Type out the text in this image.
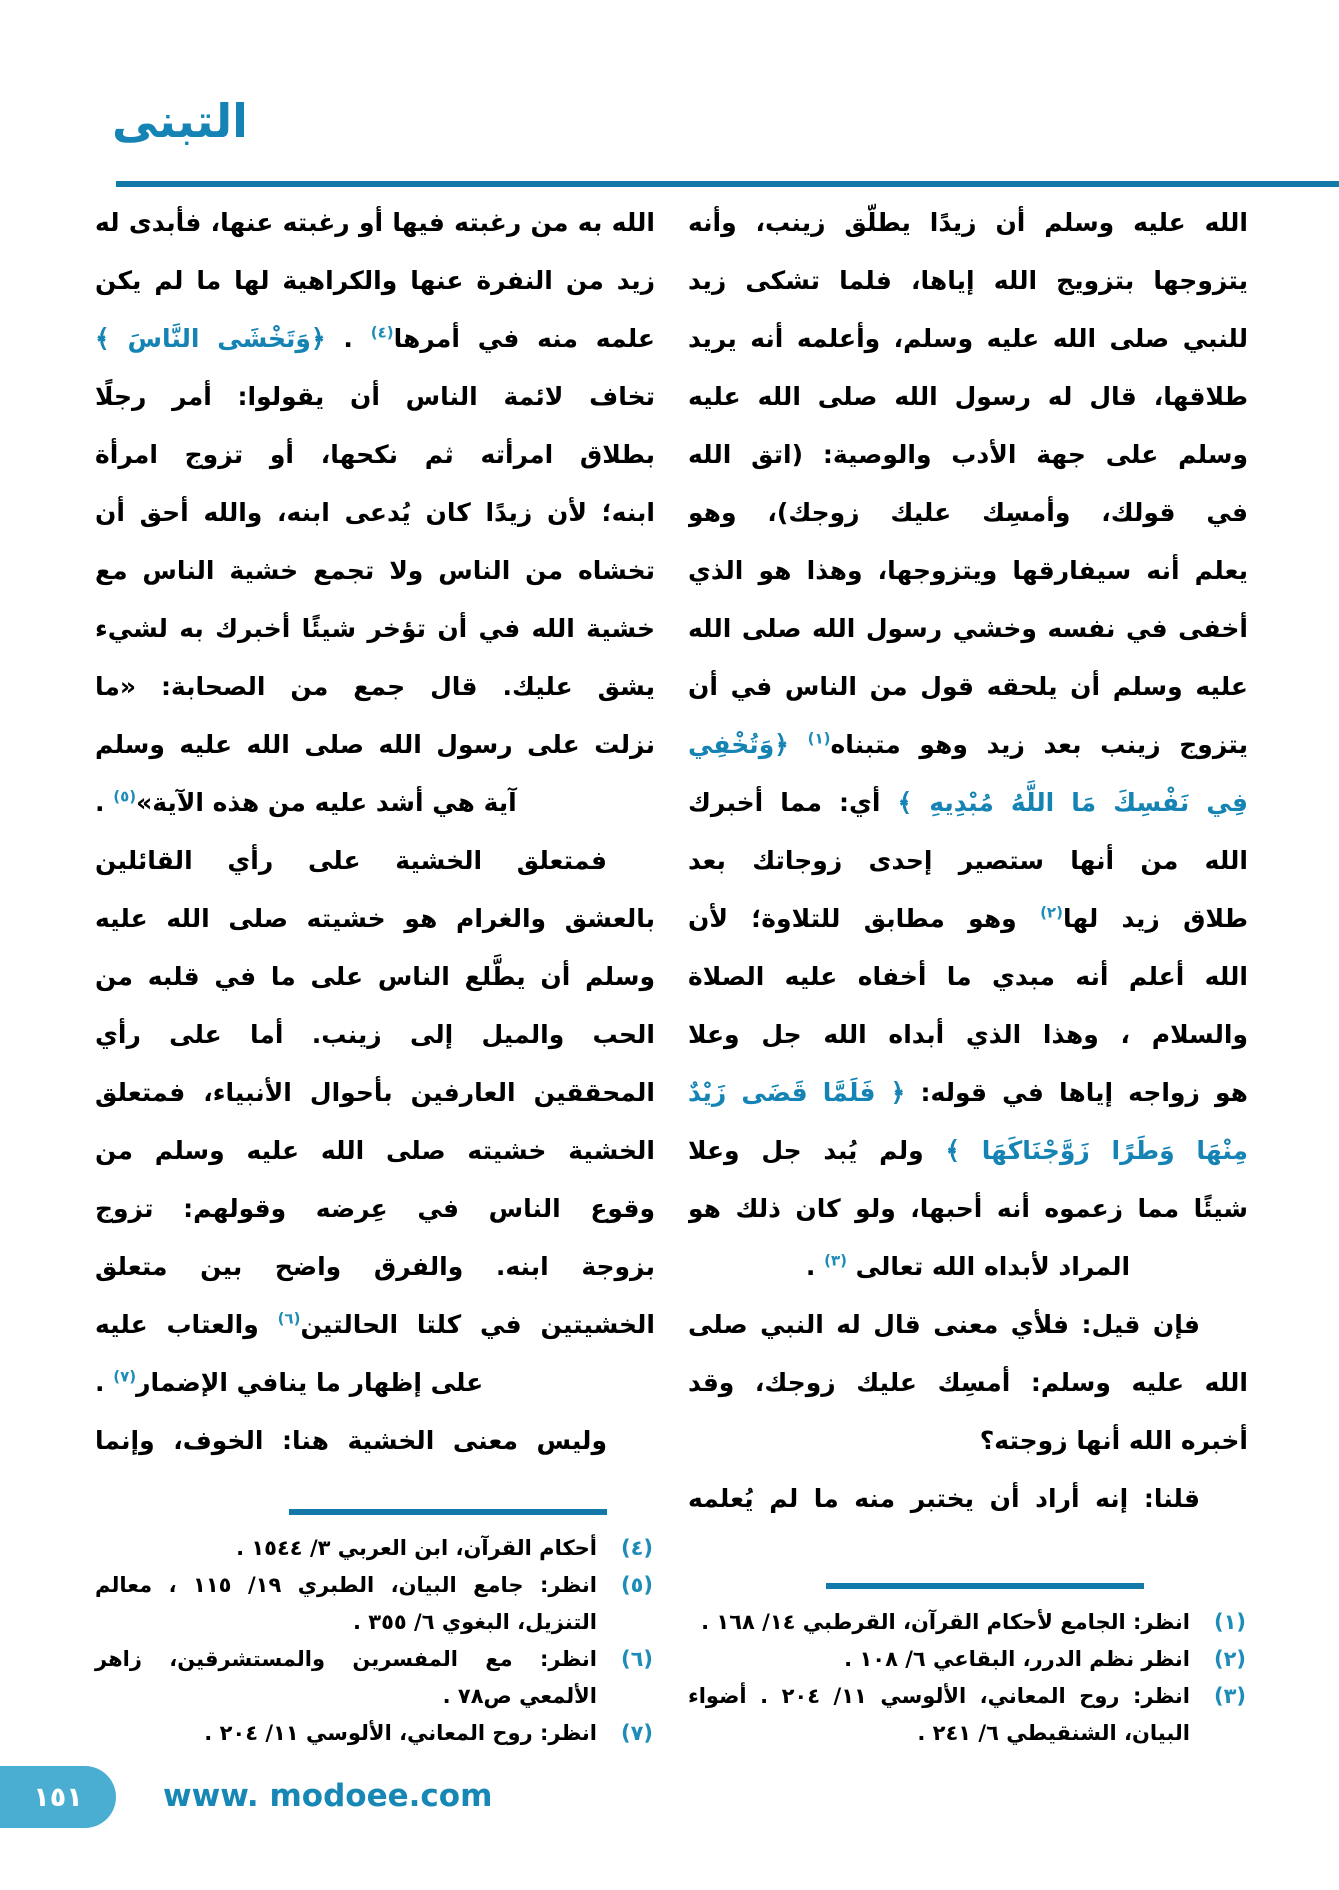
التبنى
الله عليه وسلم أن زيدًا يطلّق زينب، وأنه
يتزوجها بتزويج الله إياها، فلما تشكى زيد
للنبي صلى الله عليه وسلم، وأعلمه أنه يريد
طلاقها، قال له رسول الله صلى الله عليه
وسلم على جهة الأدب والوصية: (اتق الله
في قولك، وأمسِك عليك زوجك)، وهو
يعلم أنه سيفارقها ويتزوجها، وهذا هو الذي
أخفى في نفسه وخشي رسول الله صلى الله
عليه وسلم أن يلحقه قول من الناس في أن
يتزوج زينب بعد زيد وهو متبناه$^{(١)}$ ﴿وَتُخْفِي
فِي نَفْسِكَ مَا اللَّهُ مُبْدِيهِ ﴾ أي: مما أخبرك
الله من أنها ستصير إحدى زوجاتك بعد
طلاق زيد لها$^{(٢)}$ وهو مطابق للتلاوة؛ لأن
الله أعلم أنه مبدي ما أخفاه عليه الصلاة
والسلام ، وهذا الذي أبداه الله جل وعلا
هو زواجه إياها في قوله: ﴿ فَلَمَّا قَضَى زَيْدٌ
مِنْهَا وَطَرًا زَوَّجْنَاكَهَا ﴾ ولم يُبد جل وعلا
شيئًا مما زعموه أنه أحبها، ولو كان ذلك هو
المراد لأبداه الله تعالى $^{(٣)}$ .
فإن قيل: فلأي معنى قال له النبي صلى
الله عليه وسلم: أمسِك عليك زوجك، وقد
أخبره الله أنها زوجته؟
قلنا: إنه أراد أن يختبر منه ما لم يُعلمه
(١)
انظر: الجامع لأحكام القرآن، القرطبي ١٤/ ١٦٨ .
(٢)
انظر نظم الدرر، البقاعي ٦/ ١٠٨ .
(٣)
انظر: روح المعاني، الألوسي ١١/ ٢٠٤ . أضواء البيان، الشنقيطي ٦/ ٢٤١ .
الله به من رغبته فيها أو رغبته عنها، فأبدى له
زيد من النفرة عنها والكراهية لها ما لم يكن
علمه منه في أمرها$^{(٤)}$ . ﴿وَتَخْشَى النَّاسَ ﴾
تخاف لائمة الناس أن يقولوا: أمر رجلًا
بطلاق امرأته ثم نكحها، أو تزوج امرأة
ابنه؛ لأن زيدًا كان يُدعى ابنه، والله أحق أن
تخشاه من الناس ولا تجمع خشية الناس مع
خشية الله في أن تؤخر شيئًا أخبرك به لشيء
يشق عليك. قال جمع من الصحابة: «ما
نزلت على رسول الله صلى الله عليه وسلم
آية هي أشد عليه من هذه الآية»$^{(٥)}$ .
فمتعلق الخشية على رأي القائلين
بالعشق والغرام هو خشيته صلى الله عليه
وسلم أن يطَّلع الناس على ما في قلبه من
الحب والميل إلى زينب. أما على رأي
المحققين العارفين بأحوال الأنبياء، فمتعلق
الخشية خشيته صلى الله عليه وسلم من
وقوع الناس في عِرضه وقولهم: تزوج
بزوجة ابنه. والفرق واضح بين متعلق
الخشيتين في كلتا الحالتين$^{(٦)}$ والعتاب عليه
على إظهار ما ينافي الإضمار$^{(٧)}$ .
وليس معنى الخشية هنا: الخوف، وإنما
(٤)
أحكام القرآن، ابن العربي ٣/ ١٥٤٤ .
(٥)
انظر: جامع البيان، الطبري ١٩/ ١١٥ ، معالم التنزيل، البغوي ٦/ ٣٥٥ .
(٦)
انظر: مع المفسرين والمستشرقين، زاهر الألمعي ص٧٨ .
(٧)
انظر: روح المعاني، الألوسي ١١/ ٢٠٤ .
١٥١	www. modoee.com
